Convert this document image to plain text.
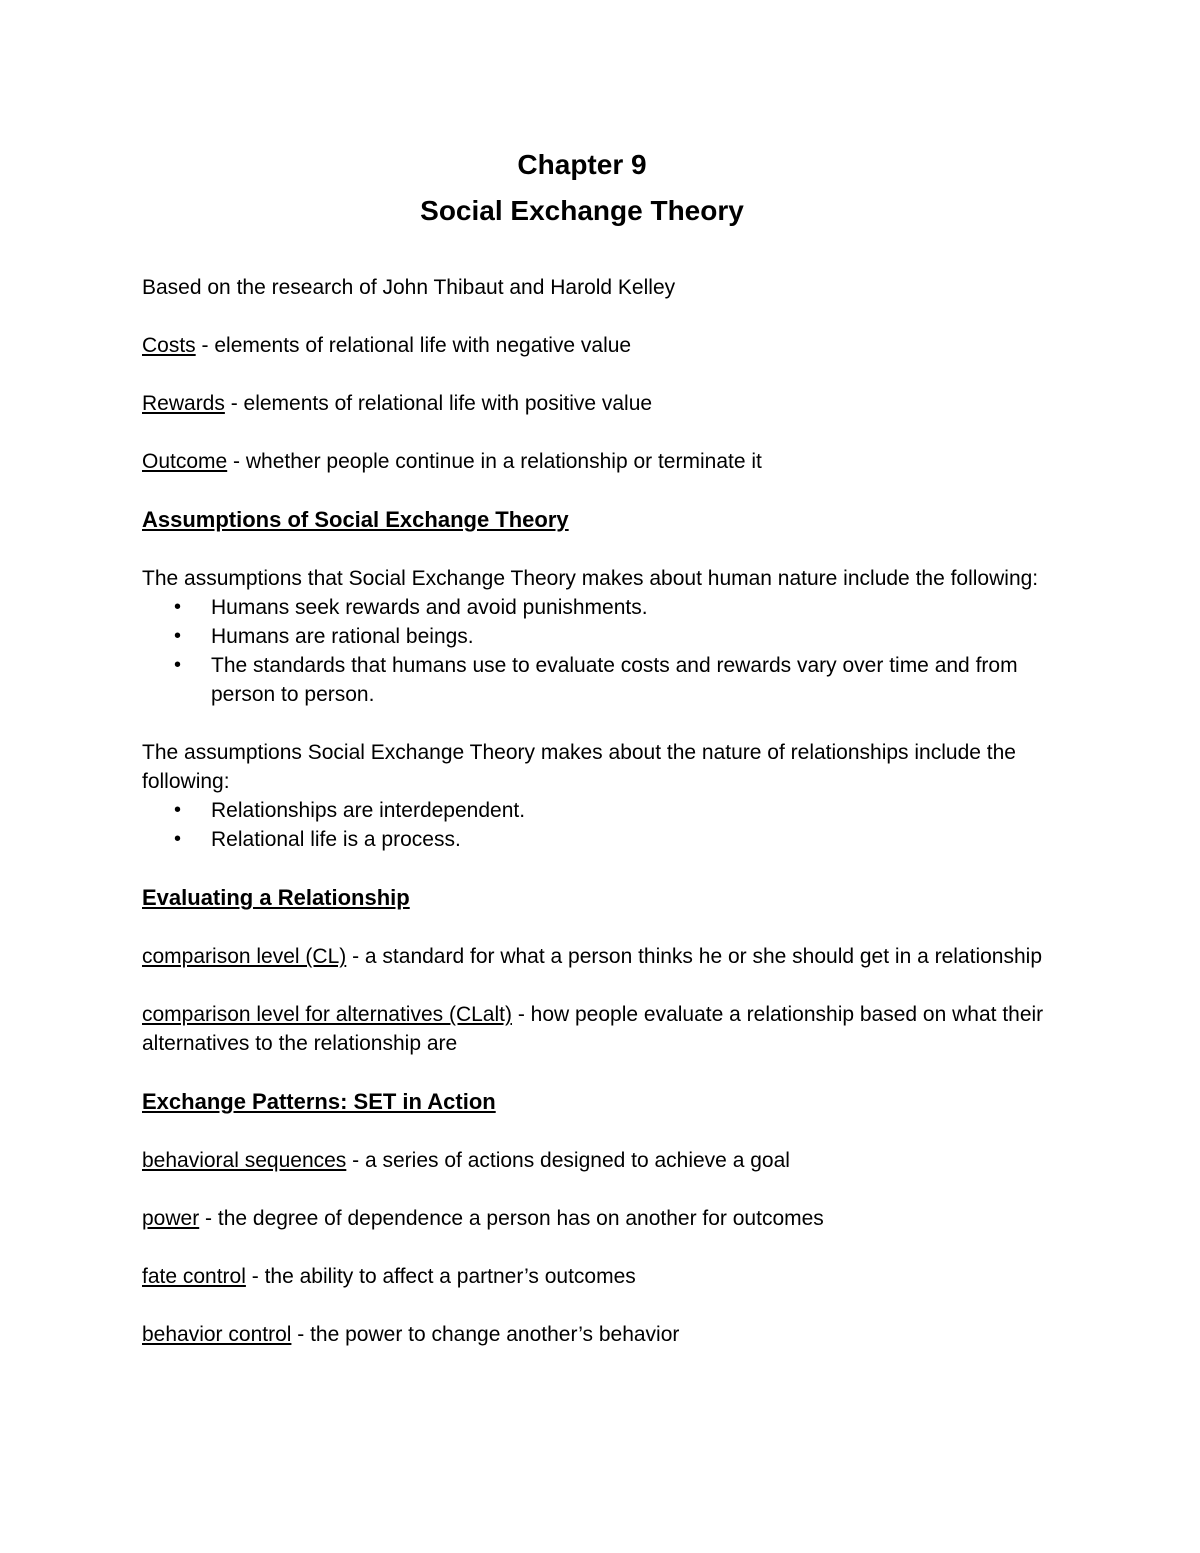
Chapter 9
Social Exchange Theory

Based on the research of John Thibaut and Harold Kelley

Costs - elements of relational life with negative value

Rewards - elements of relational life with positive value

Outcome - whether people continue in a relationship or terminate it

Assumptions of Social Exchange Theory

The assumptions that Social Exchange Theory makes about human nature include the following:

• Humans seek rewards and avoid punishments.
• Humans are rational beings.
• The standards that humans use to evaluate costs and rewards vary over time and from person to person.

The assumptions Social Exchange Theory makes about the nature of relationships include the following:

• Relationships are interdependent.
• Relational life is a process.
Evaluating a Relationship

comparison level (CL) - a standard for what a person thinks he or she should get in a relationship

comparison level for alternatives (CLalt) - how people evaluate a relationship based on what their alternatives to the relationship are

Exchange Patterns: SET in Action

behavioral sequences - a series of actions designed to achieve a goal

power - the degree of dependence a person has on another for outcomes

fate control - the ability to affect a partner’s outcomes

behavior control - the power to change another’s behavior
